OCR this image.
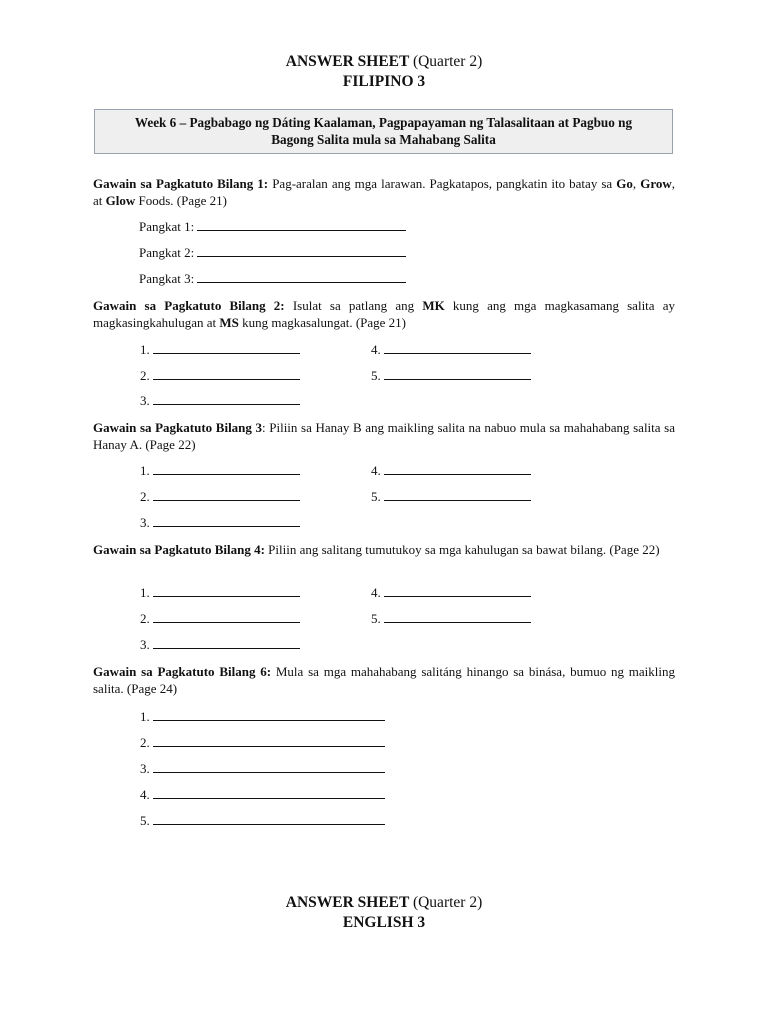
ANSWER SHEET (Quarter 2)
FILIPINO 3
Week 6 – Pagbabago ng Dáting Kaalaman, Pagpapayaman ng Talasalitaan at Pagbuo ng
Bagong Salita mula sa Mahabang Salita
Gawain sa Pagkatuto Bilang 1: Pag-aralan ang mga larawan. Pagkatapos, pangkatin ito batay sa Go, Grow, at Glow Foods. (Page 21)
Pangkat 1:
Pangkat 2:
Pangkat 3:
Gawain sa Pagkatuto Bilang 2: Isulat sa patlang ang MK kung ang mga magkasamang salita ay magkasingkahulugan at MS kung magkasalungat. (Page 21)
1.
2.
3.
4.
5.
Gawain sa Pagkatuto Bilang 3: Piliin sa Hanay B ang maikling salita na nabuo mula sa mahahabang salita sa Hanay A. (Page 22)
1.
2.
3.
4.
5.
Gawain sa Pagkatuto Bilang 4: Piliin ang salitang tumutukoy sa mga kahulugan sa bawat bilang. (Page 22)
1.
2.
3.
4.
5.
Gawain sa Pagkatuto Bilang 6: Mula sa mga mahahabang salitáng hinango sa binása, bumuo ng maikling salita. (Page 24)
1.
2.
3.
4.
5.
ANSWER SHEET (Quarter 2)
ENGLISH 3
